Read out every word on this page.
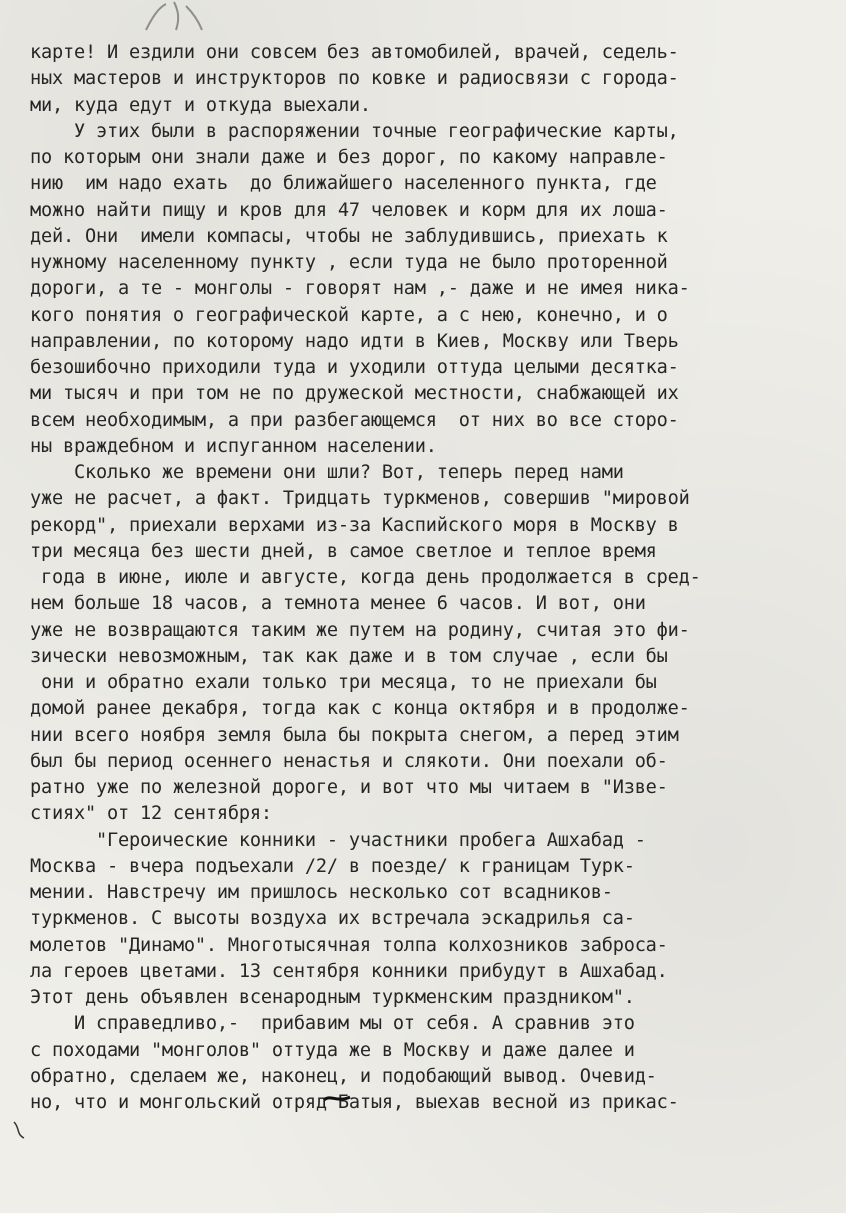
карте! И ездили они совсем без автомобилей, врачей, седель-
ных мастеров и инструкторов по ковке и радиосвязи с города-
ми, куда едут и откуда выехали.
У этих были в распоряжении точные географические карты,
по которым они знали даже и без дорог, по какому направле-
нию  им надо ехать  до ближайшего населенного пункта, где
можно найти пищу и кров для 47 человек и корм для их лоша-
дей. Они  имели компасы, чтобы не заблудившись, приехать к
нужному населенному пункту , если туда не было проторенной
дороги, а те - монголы - говорят нам ,- даже и не имея ника-
кого понятия о географической карте, а с нею, конечно, и о
направлении, по которому надо идти в Киев, Москву или Тверь
безошибочно приходили туда и уходили оттуда целыми десятка-
ми тысяч и при том не по дружеской местности, снабжающей их
всем необходимым, а при разбегающемся  от них во все сторо-
ны враждебном и испуганном населении.
Сколько же времени они шли? Вот, теперь перед нами
уже не расчет, а факт. Тридцать туркменов, совершив "мировой
рекорд", приехали верхами из-за Каспийского моря в Москву в
три месяца без шести дней, в самое светлое и теплое время
года в июне, июле и августе, когда день продолжается в сред-
нем больше 18 часов, а темнота менее 6 часов. И вот, они
уже не возвращаются таким же путем на родину, считая это фи-
зически невозможным, так как даже и в том случае , если бы
они и обратно ехали только три месяца, то не приехали бы
домой ранее декабря, тогда как с конца октября и в продолже-
нии всего ноября земля была бы покрыта снегом, а перед этим
был бы период осеннего ненастья и слякоти. Они поехали об-
ратно уже по железной дороге, и вот что мы читаем в "Изве-
стиях" от 12 сентября:
"Героические конники - участники пробега Ашхабад -
Москва - вчера подъехали /2/ в поезде/ к границам Турк-
мении. Навстречу им пришлось несколько сот всадников-
туркменов. С высоты воздуха их встречала эскадрилья са-
молетов "Динамо". Многотысячная толпа колхозников заброса-
ла героев цветами. 13 сентября конники прибудут в Ашхабад.
Этот день объявлен всенародным туркменским праздником".
И справедливо,-  прибавим мы от себя. А сравнив это
с походами "монголов" оттуда же в Москву и даже далее и
обратно, сделаем же, наконец, и подобающий вывод. Очевид-
но, что и монгольский отряд Батыя, выехав весной из прикас-
